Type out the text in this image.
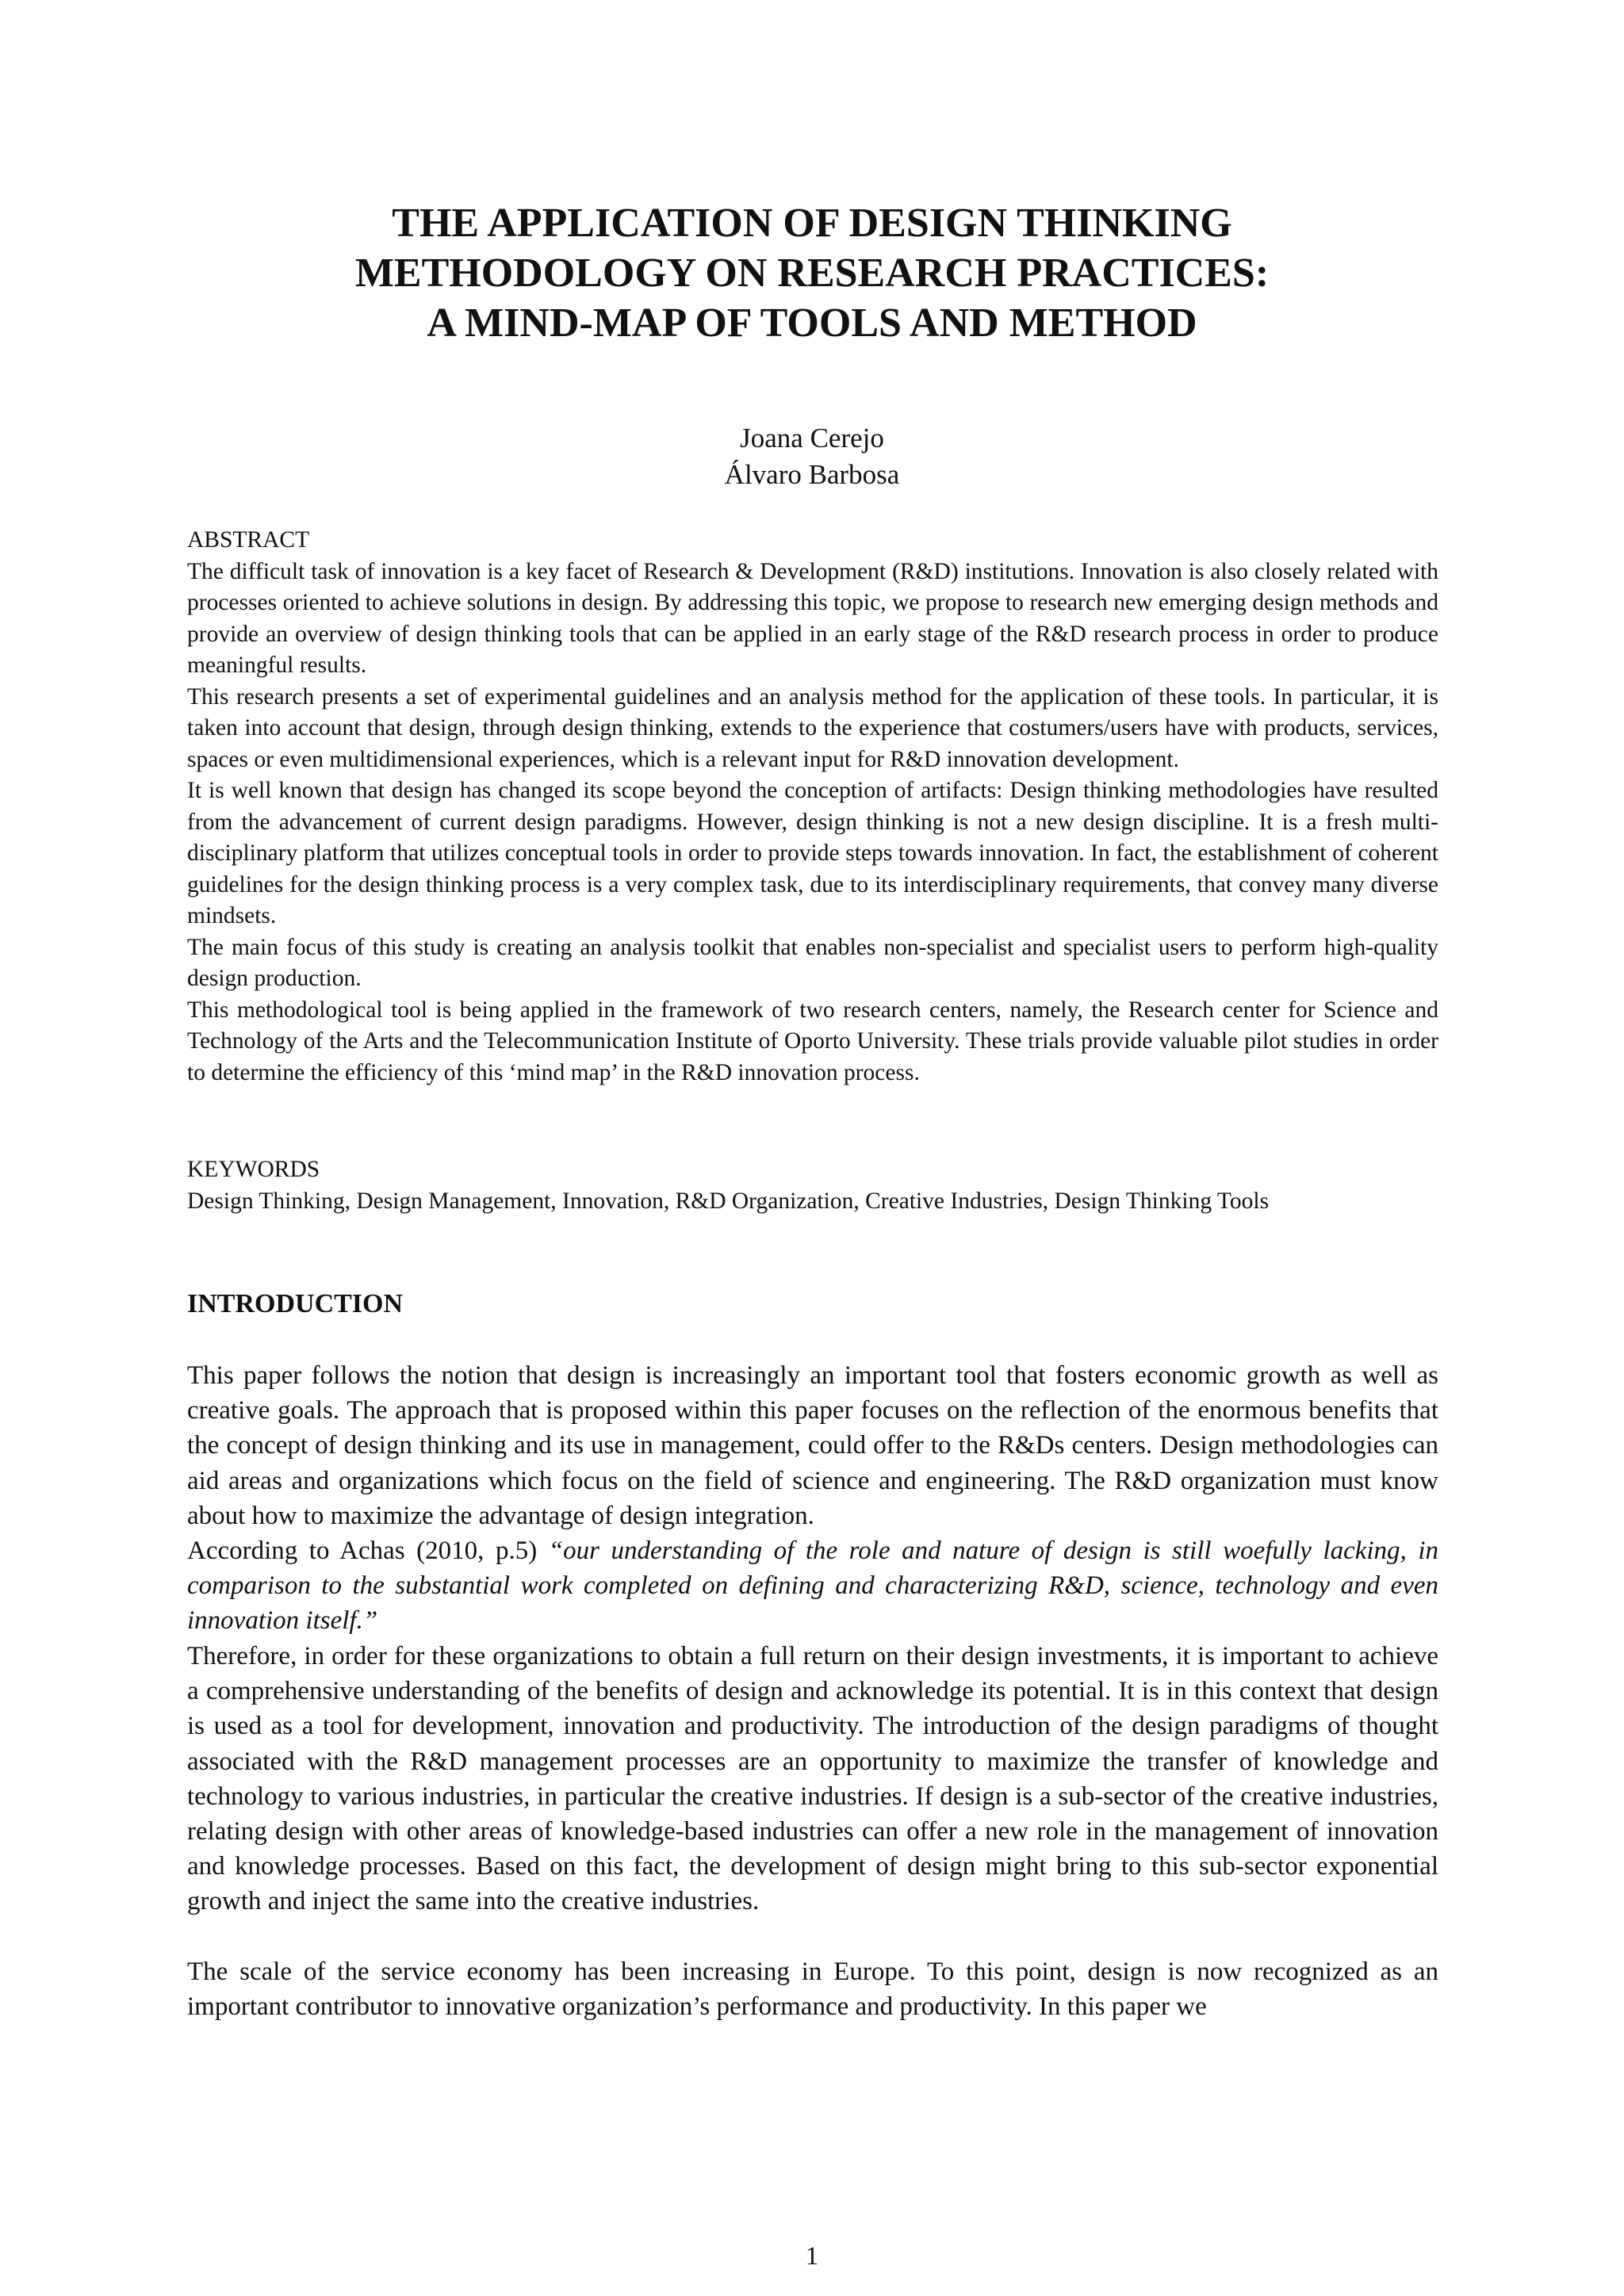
THE APPLICATION OF DESIGN THINKING
METHODOLOGY ON RESEARCH PRACTICES:
A MIND-MAP OF TOOLS AND METHOD
Joana Cerejo
Álvaro Barbosa
ABSTRACT

The difficult task of innovation is a key facet of Research & Development (R&D) institutions. Innovation is also closely related with processes oriented to achieve solutions in design. By addressing this topic, we propose to research new emerging design methods and provide an overview of design thinking tools that can be applied in an early stage of the R&D research process in order to produce meaningful results.

This research presents a set of experimental guidelines and an analysis method for the application of these tools. In particular, it is taken into account that design, through design thinking, extends to the experience that costumers/users have with products, services, spaces or even multidimensional experiences, which is a relevant input for R&D innovation development.

It is well known that design has changed its scope beyond the conception of artifacts: Design thinking methodologies have resulted from the advancement of current design paradigms. However, design thinking is not a new design discipline. It is a fresh multi-disciplinary platform that utilizes conceptual tools in order to provide steps towards innovation. In fact, the establishment of coherent guidelines for the design thinking process is a very complex task, due to its interdisciplinary requirements, that convey many diverse mindsets.

The main focus of this study is creating an analysis toolkit that enables non-specialist and specialist users to perform high-quality design production.

This methodological tool is being applied in the framework of two research centers, namely, the Research center for Science and Technology of the Arts and the Telecommunication Institute of Oporto University. These trials provide valuable pilot studies in order to determine the efficiency of this ‘mind map’ in the R&D innovation process.

KEYWORDS

Design Thinking, Design Management, Innovation, R&D Organization, Creative Industries, Design Thinking Tools

INTRODUCTION

This paper follows the notion that design is increasingly an important tool that fosters economic growth as well as creative goals. The approach that is proposed within this paper focuses on the reflection of the enormous benefits that the concept of design thinking and its use in management, could offer to the R&Ds centers. Design methodologies can aid areas and organizations which focus on the field of science and engineering. The R&D organization must know about how to maximize the advantage of design integration.

According to Achas (2010, p.5) “our understanding of the role and nature of design is still woefully lacking, in comparison to the substantial work completed on defining and characterizing R&D, science, technology and even innovation itself.”

Therefore, in order for these organizations to obtain a full return on their design investments, it is important to achieve a comprehensive understanding of the benefits of design and acknowledge its potential. It is in this context that design is used as a tool for development, innovation and productivity. The introduction of the design paradigms of thought associated with the R&D management processes are an opportunity to maximize the transfer of knowledge and technology to various industries, in particular the creative industries. If design is a sub-sector of the creative industries, relating design with other areas of knowledge-based industries can offer a new role in the management of innovation and knowledge processes. Based on this fact, the development of design might bring to this sub-sector exponential growth and inject the same into the creative industries.

The scale of the service economy has been increasing in Europe. To this point, design is now recognized as an important contributor to innovative organization’s performance and productivity. In this paper we

1
